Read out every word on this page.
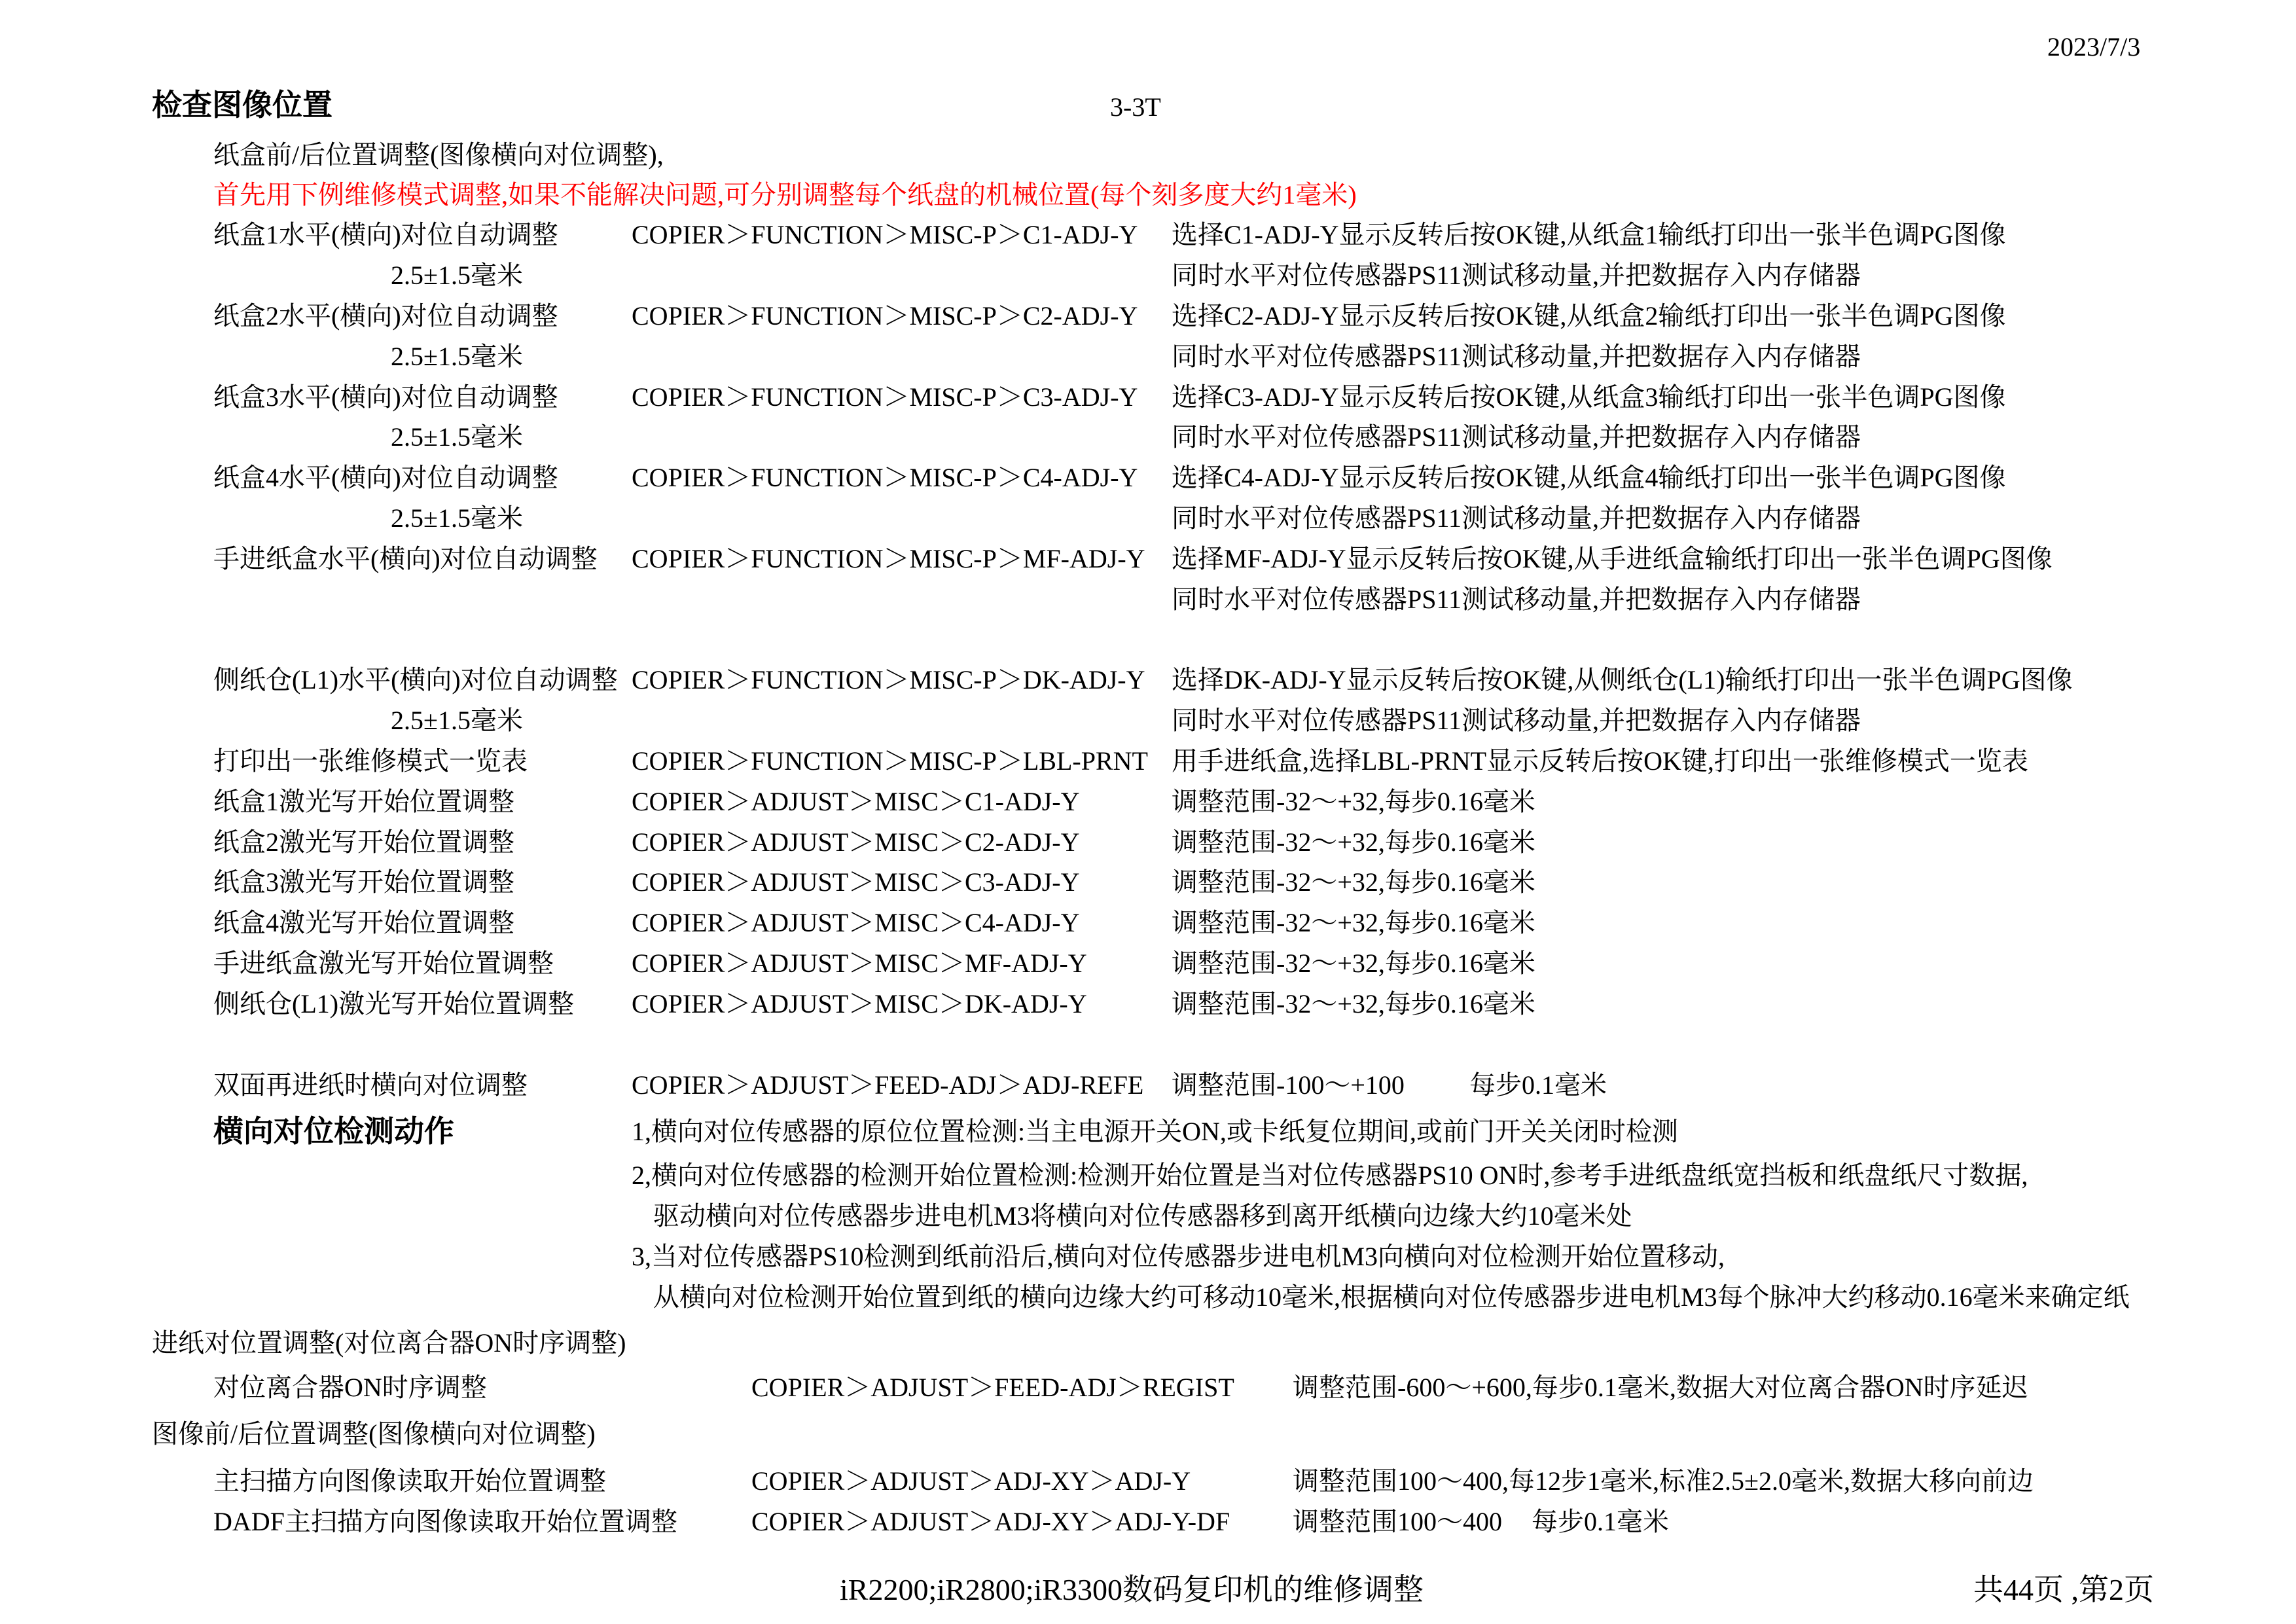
2023/7/3
检查图像位置	3-3T
纸盒前/后位置调整(图像横向对位调整),
首先用下例维修模式调整,如果不能解决问题,可分别调整每个纸盘的机械位置(每个刻多度大约1毫米)
纸盒1水平(横向)对位自动调整	COPIER＞FUNCTION＞MISC-P＞C1-ADJ-Y 选择C1-ADJ-Y显示反转后按OK键,从纸盒1输纸打印出一张半色调PG图像
2.5±1.5毫米	同时水平对位传感器PS11测试移动量,并把数据存入内存储器
纸盒2水平(横向)对位自动调整	COPIER＞FUNCTION＞MISC-P＞C2-ADJ-Y 选择C2-ADJ-Y显示反转后按OK键,从纸盒2输纸打印出一张半色调PG图像
2.5±1.5毫米	同时水平对位传感器PS11测试移动量,并把数据存入内存储器
纸盒3水平(横向)对位自动调整	COPIER＞FUNCTION＞MISC-P＞C3-ADJ-Y 选择C3-ADJ-Y显示反转后按OK键,从纸盒3输纸打印出一张半色调PG图像
2.5±1.5毫米	同时水平对位传感器PS11测试移动量,并把数据存入内存储器
纸盒4水平(横向)对位自动调整	COPIER＞FUNCTION＞MISC-P＞C4-ADJ-Y 选择C4-ADJ-Y显示反转后按OK键,从纸盒4输纸打印出一张半色调PG图像
2.5±1.5毫米	同时水平对位传感器PS11测试移动量,并把数据存入内存储器
手进纸盒水平(横向)对位自动调整 COPIER＞FUNCTION＞MISC-P＞MF-ADJ-Y 选择MF-ADJ-Y显示反转后按OK键,从手进纸盒输纸打印出一张半色调PG图像
同时水平对位传感器PS11测试移动量,并把数据存入内存储器
侧纸仓(L1)水平(横向)对位自动调整 COPIER＞FUNCTION＞MISC-P＞DK-ADJ-Y	选择DK-ADJ-Y显示反转后按OK键,从侧纸仓(L1)输纸打印出一张半色调PG图像
2.5±1.5毫米	同时水平对位传感器PS11测试移动量,并把数据存入内存储器
打印出一张维修模式一览表	COPIER＞FUNCTION＞MISC-P＞LBL-PRNT 用手进纸盒,选择LBL-PRNT显示反转后按OK键,打印出一张维修模式一览表
纸盒1激光写开始位置调整	COPIER＞ADJUST＞MISC＞C1-ADJ-Y	调整范围-32～+32,每步0.16毫米
纸盒2激光写开始位置调整	COPIER＞ADJUST＞MISC＞C2-ADJ-Y	调整范围-32～+32,每步0.16毫米
纸盒3激光写开始位置调整	COPIER＞ADJUST＞MISC＞C3-ADJ-Y	调整范围-32～+32,每步0.16毫米
纸盒4激光写开始位置调整	COPIER＞ADJUST＞MISC＞C4-ADJ-Y	调整范围-32～+32,每步0.16毫米
手进纸盒激光写开始位置调整	COPIER＞ADJUST＞MISC＞MF-ADJ-Y	调整范围-32～+32,每步0.16毫米
侧纸仓(L1)激光写开始位置调整 COPIER＞ADJUST＞MISC＞DK-ADJ-Y	调整范围-32～+32,每步0.16毫米
双面再进纸时横向对位调整	COPIER＞ADJUST＞FEED-ADJ＞ADJ-REFE	调整范围-100～+100 每步0.1毫米
横向对位检测动作	1,横向对位传感器的原位位置检测:当主电源开关ON,或卡纸复位期间,或前门开关关闭时检测
2,横向对位传感器的检测开始位置检测:检测开始位置是当对位传感器PS10 ON时,参考手进纸盘纸宽挡板和纸盘纸尺寸数据,
驱动横向对位传感器步进电机M3将横向对位传感器移到离开纸横向边缘大约10毫米处
3,当对位传感器PS10检测到纸前沿后,横向对位传感器步进电机M3向横向对位检测开始位置移动,
从横向对位检测开始位置到纸的横向边缘大约可移动10毫米,根据横向对位传感器步进电机M3每个脉冲大约移动0.16毫米来确定纸
进纸对位置调整(对位离合器ON时序调整)
对位离合器ON时序调整	COPIER＞ADJUST＞FEED-ADJ＞REGIST 调整范围-600～+600,每步0.1毫米,数据大对位离合器ON时序延迟
图像前/后位置调整(图像横向对位调整)
主扫描方向图像读取开始位置调整	COPIER＞ADJUST＞ADJ-XY＞ADJ-Y	调整范围100～400,每12步1毫米,标准2.5±2.0毫米,数据大移向前边
DADF主扫描方向图像读取开始位置调整	COPIER＞ADJUST＞ADJ-XY＞ADJ-Y-DF 调整范围100～400 每步0.1毫米
iR2200;iR2800;iR3300数码复印机的维修调整	共44页 ,第2页
